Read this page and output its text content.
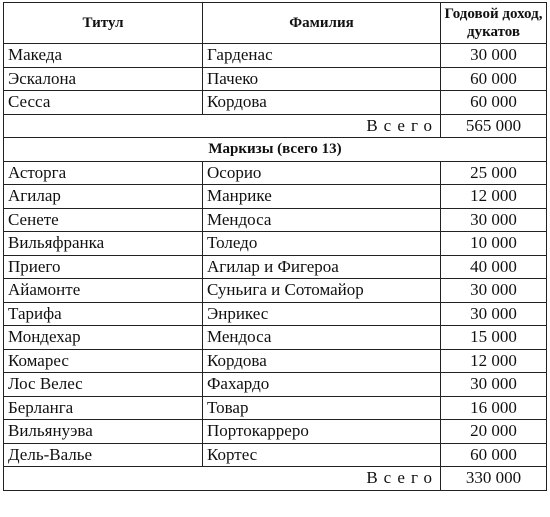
Титул	Фамилия	Годовой доход, дукатов
Македа	Гарденас	30 000
Эскалона	Пачеко	60 000
Сесса	Кордова	60 000
Всего		565 000
Маркизы (всего 13)		
Асторга	Осорио	25 000
Агилар	Манрике	12 000
Сенете	Мендоса	30 000
Вильяфранка	Толедо	10 000
Приего	Агилар и Фигероа	40 000
Айамонте	Суньига и Сотомайор	30 000
Тарифа	Энрикес	30 000
Мондехар	Мендоса	15 000
Комарес	Кордова	12 000
Лос Велес	Фахардо	30 000
Берланга	Товар	16 000
Вильянуэва	Портокарреро	20 000
Дель-Валье	Кортес	60 000
Всего		330 000
